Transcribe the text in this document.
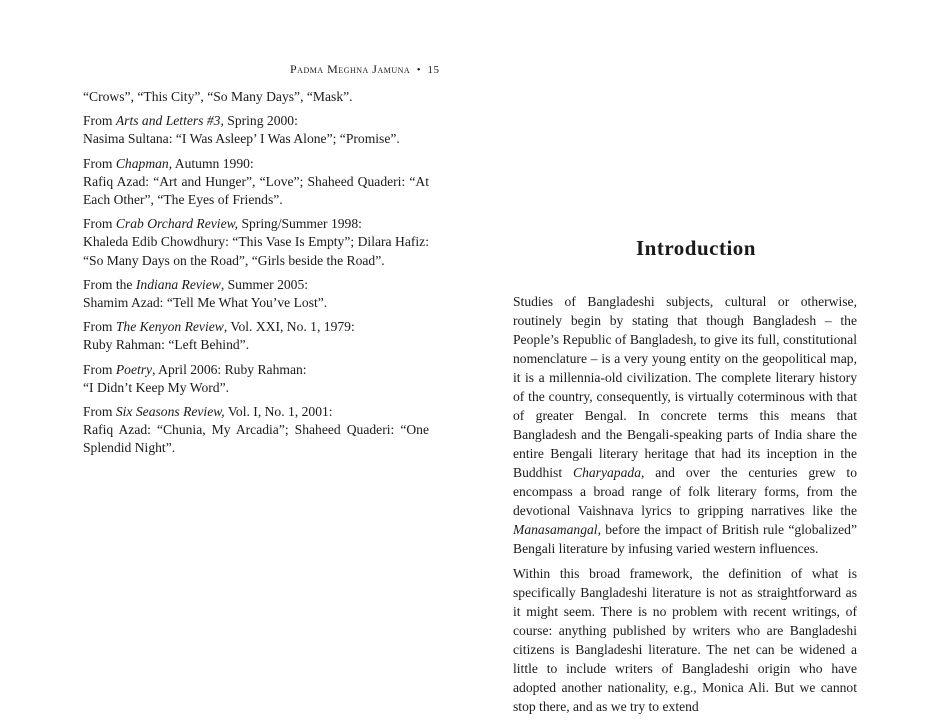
Padma Meghna Jamuna • 15

“Crows”, “This City”, “So Many Days”, “Mask”.

From Arts and Letters #3, Spring 2000:
Nasima Sultana: “I Was Asleep’ I Was Alone”; “Promise”.

From Chapman, Autumn 1990:
Rafiq Azad: “Art and Hunger”, “Love”; Shaheed Quaderi: “At Each Other”, “The Eyes of Friends”.

From Crab Orchard Review, Spring/Summer 1998:
Khaleda Edib Chowdhury: “This Vase Is Empty”; Dilara Hafiz: “So Many Days on the Road”, “Girls beside the Road”.

From the Indiana Review, Summer 2005:
Shamim Azad: “Tell Me What You’ve Lost”.

From The Kenyon Review, Vol. XXI, No. 1, 1979:
Ruby Rahman: “Left Behind”.

From Poetry, April 2006: Ruby Rahman:
“I Didn’t Keep My Word”.

From Six Seasons Review, Vol. I, No. 1, 2001:
Rafiq Azad: “Chunia, My Arcadia”; Shaheed Quaderi: “One Splendid Night”.

Introduction

Studies of Bangladeshi subjects, cultural or otherwise, routinely begin by stating that though Bangladesh – the People’s Republic of Bangladesh, to give its full, constitutional nomenclature – is a very young entity on the geopolitical map, it is a millennia-old civilization. The complete literary history of the country, consequently, is virtually coterminous with that of greater Bengal. In concrete terms this means that Bangladesh and the Bengali-speaking parts of India share the entire Bengali literary heritage that had its inception in the Buddhist Charyapada, and over the centuries grew to encompass a broad range of folk literary forms, from the devotional Vaishnava lyrics to gripping narratives like the Manasamangal, before the impact of British rule “globalized” Bengali literature by infusing varied western influences.

Within this broad framework, the definition of what is specifically Bangladeshi literature is not as straightforward as it might seem. There is no problem with recent writings, of course: anything published by writers who are Bangladeshi citizens is Bangladeshi literature. The net can be widened a little to include writers of Bangladeshi origin who have adopted another nationality, e.g., Monica Ali. But we cannot stop there, and as we try to extend
